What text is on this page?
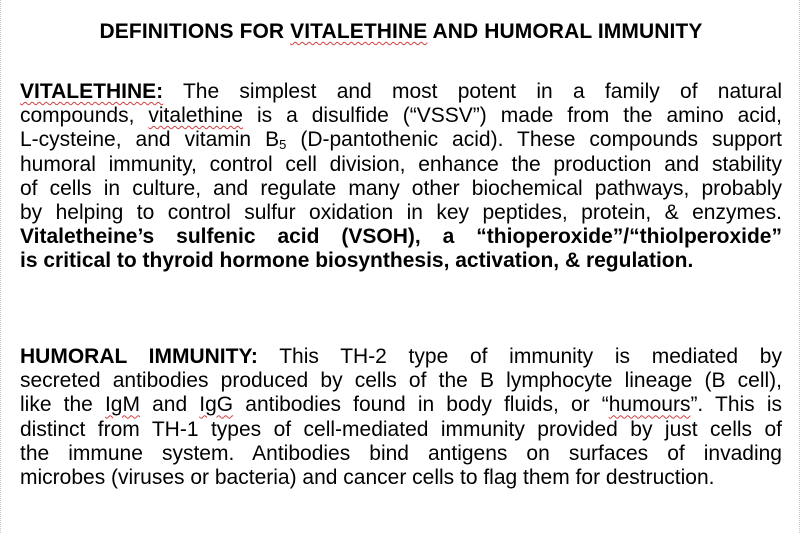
DEFINITIONS FOR VITALETHINE AND HUMORAL IMMUNITY
VITALETHINE: The simplest and most potent in a family of natural
compounds, vitalethine is a disulfide (“VSSV”) made from the amino acid,
L-cysteine, and vitamin $B_5$ (D-pantothenic acid). These compounds support
humoral immunity, control cell division, enhance the production and stability
of cells in culture, and regulate many other biochemical pathways, probably
by helping to control sulfur oxidation in key peptides, protein, & enzymes.
Vitaletheine’s sulfenic acid (VSOH), a “thioperoxide”/“thiolperoxide”
is critical to thyroid hormone biosynthesis, activation, & regulation.
HUMORAL IMMUNITY: This TH-2 type of immunity is mediated by
secreted antibodies produced by cells of the B lymphocyte lineage (B cell),
like the IgM and IgG antibodies found in body fluids, or “humours”. This is
distinct from TH-1 types of cell-mediated immunity provided by just cells of
the immune system. Antibodies bind antigens on surfaces of invading
microbes (viruses or bacteria) and cancer cells to flag them for destruction.
